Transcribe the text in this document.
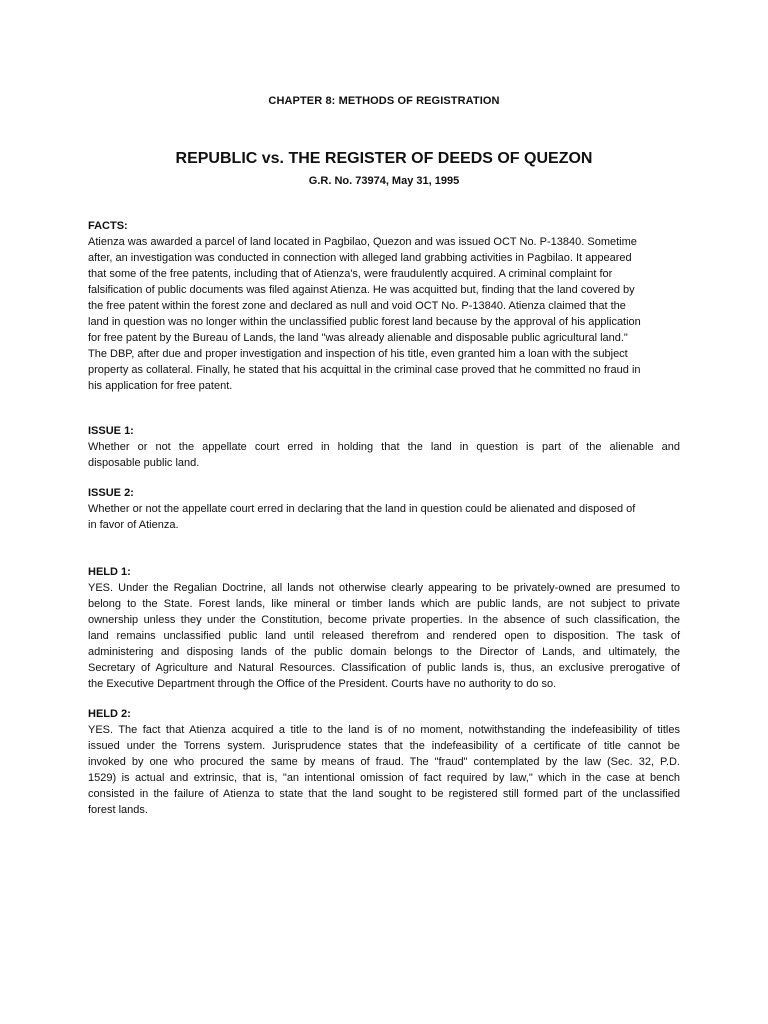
CHAPTER 8: METHODS OF REGISTRATION
REPUBLIC vs. THE REGISTER OF DEEDS OF QUEZON
G.R. No. 73974, May 31, 1995

FACTS:

Atienza was awarded a parcel of land located in Pagbilao, Quezon and was issued OCT No. P-13840. Sometime
after, an investigation was conducted in connection with alleged land grabbing activities in Pagbilao. It appeared
that some of the free patents, including that of Atienza's, were fraudulently acquired. A criminal complaint for
falsification of public documents was filed against Atienza. He was acquitted but, finding that the land covered by
the free patent within the forest zone and declared as null and void OCT No. P-13840. Atienza claimed that the
land in question was no longer within the unclassified public forest land because by the approval of his application
for free patent by the Bureau of Lands, the land "was already alienable and disposable public agricultural land."
The DBP, after due and proper investigation and inspection of his title, even granted him a loan with the subject
property as collateral. Finally, he stated that his acquittal in the criminal case proved that he committed no fraud in
his application for free patent.

ISSUE 1:

Whether or not the appellate court erred in holding that the land in question is part of the alienable and
disposable public land.

ISSUE 2:

Whether or not the appellate court erred in declaring that the land in question could be alienated and disposed of
in favor of Atienza.

HELD 1:

YES. Under the Regalian Doctrine, all lands not otherwise clearly appearing to be privately-owned are presumed to
belong to the State. Forest lands, like mineral or timber lands which are public lands, are not subject to private
ownership unless they under the Constitution, become private properties. In the absence of such classification, the
land remains unclassified public land until released therefrom and rendered open to disposition. The task of
administering and disposing lands of the public domain belongs to the Director of Lands, and ultimately, the
Secretary of Agriculture and Natural Resources. Classification of public lands is, thus, an exclusive prerogative of
the Executive Department through the Office of the President. Courts have no authority to do so.

HELD 2:

YES. The fact that Atienza acquired a title to the land is of no moment, notwithstanding the indefeasibility of titles
issued under the Torrens system. Jurisprudence states that the indefeasibility of a certificate of title cannot be
invoked by one who procured the same by means of fraud. The "fraud" contemplated by the law (Sec. 32, P.D.
1529) is actual and extrinsic, that is, "an intentional omission of fact required by law," which in the case at bench
consisted in the failure of Atienza to state that the land sought to be registered still formed part of the unclassified
forest lands.
